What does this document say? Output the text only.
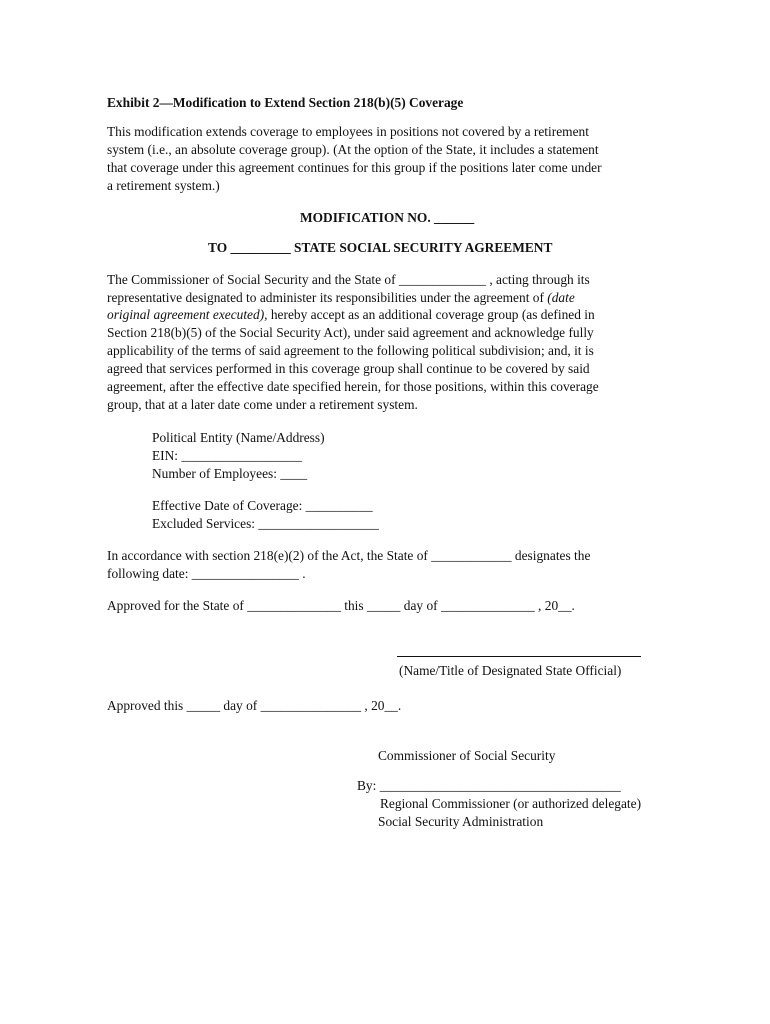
Exhibit 2—Modification to Extend Section 218(b)(5) Coverage
This modification extends coverage to employees in positions not covered by a retirement
system (i.e., an absolute coverage group). (At the option of the State, it includes a statement
that coverage under this agreement continues for this group if the positions later come under
a retirement system.)
MODIFICATION NO. ______
TO _________ STATE SOCIAL SECURITY AGREEMENT
The Commissioner of Social Security and the State of _____________ , acting through its
representative designated to administer its responsibilities under the agreement of (date
original agreement executed), hereby accept as an additional coverage group (as defined in
Section 218(b)(5) of the Social Security Act), under said agreement and acknowledge fully
applicability of the terms of said agreement to the following political subdivision; and, it is
agreed that services performed in this coverage group shall continue to be covered by said
agreement, after the effective date specified herein, for those positions, within this coverage
group, that at a later date come under a retirement system.
Political Entity (Name/Address)
EIN: __________________
Number of Employees: ____
Effective Date of Coverage: __________
Excluded Services: __________________
In accordance with section 218(e)(2) of the Act, the State of ____________ designates the
following date: ________________ .
Approved for the State of ______________ this _____ day of ______________ , 20__.
(Name/Title of Designated State Official)
Approved this _____ day of _______________ , 20__.
Commissioner of Social Security
By: ____________________________________
Regional Commissioner (or authorized delegate)
Social Security Administration
